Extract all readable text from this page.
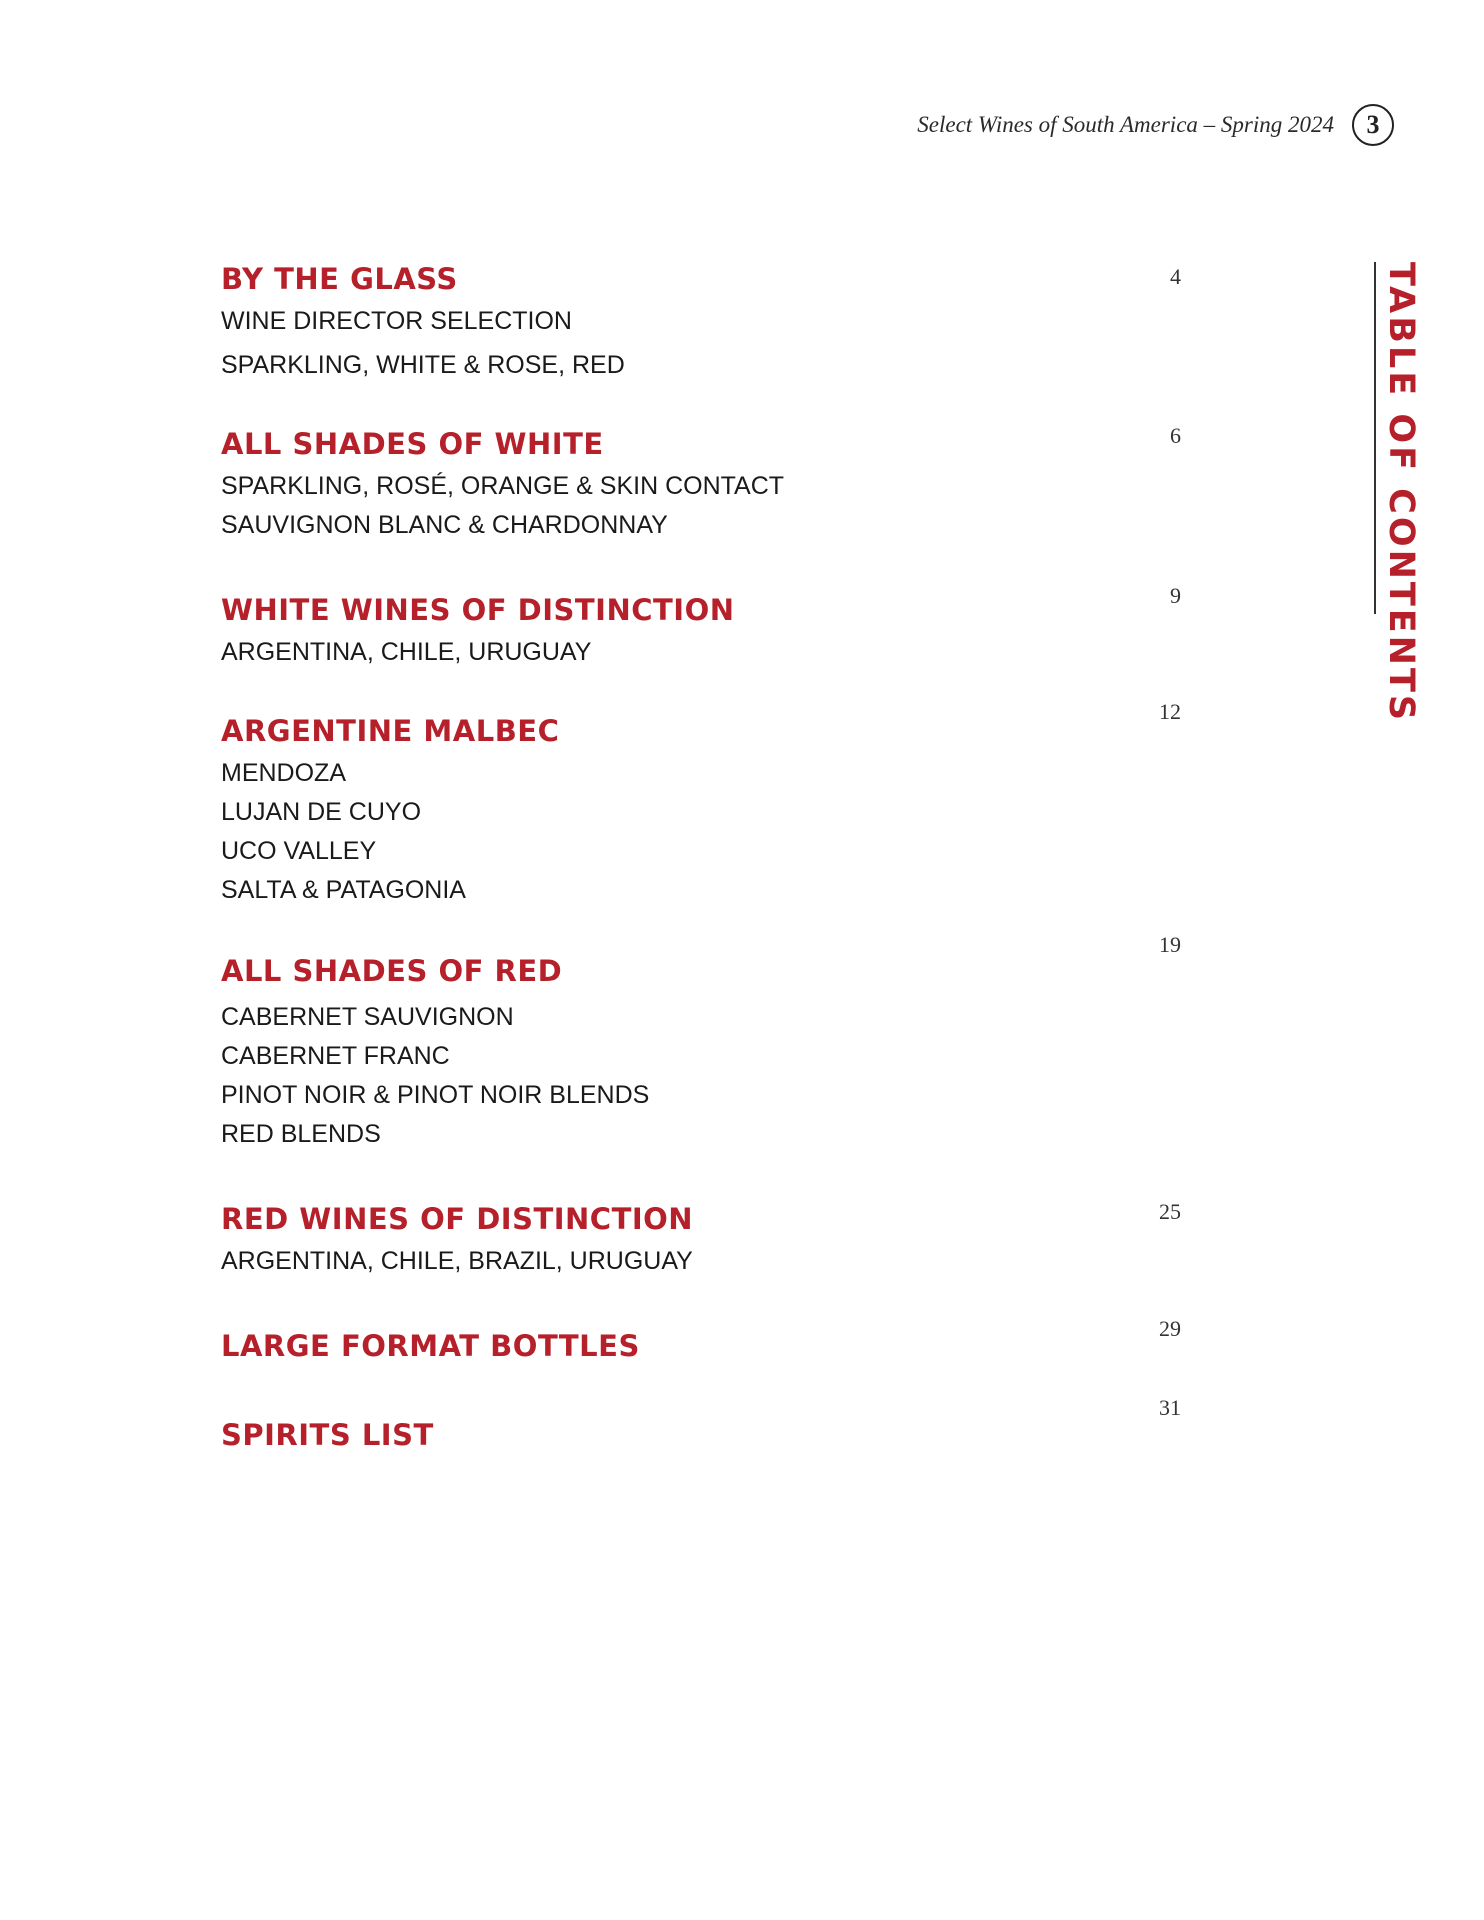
Select Wines of South America – Spring 2024	3
TABLE OF CONTENTS
4
BY THE GLASS
WINE DIRECTOR SELECTION
SPARKLING, WHITE & ROSE, RED
6
ALL SHADES OF WHITE
SPARKLING, ROSÉ, ORANGE & SKIN CONTACT
SAUVIGNON BLANC & CHARDONNAY
9
WHITE WINES OF DISTINCTION
ARGENTINA, CHILE, URUGUAY
12
ARGENTINE MALBEC
MENDOZA
LUJAN DE CUYO
UCO VALLEY
SALTA & PATAGONIA
19
ALL SHADES OF RED
CABERNET SAUVIGNON
CABERNET FRANC
PINOT NOIR & PINOT NOIR BLENDS
RED BLENDS
25
RED WINES OF DISTINCTION
ARGENTINA, CHILE, BRAZIL, URUGUAY
29
LARGE FORMAT BOTTLES
31
SPIRITS LIST
